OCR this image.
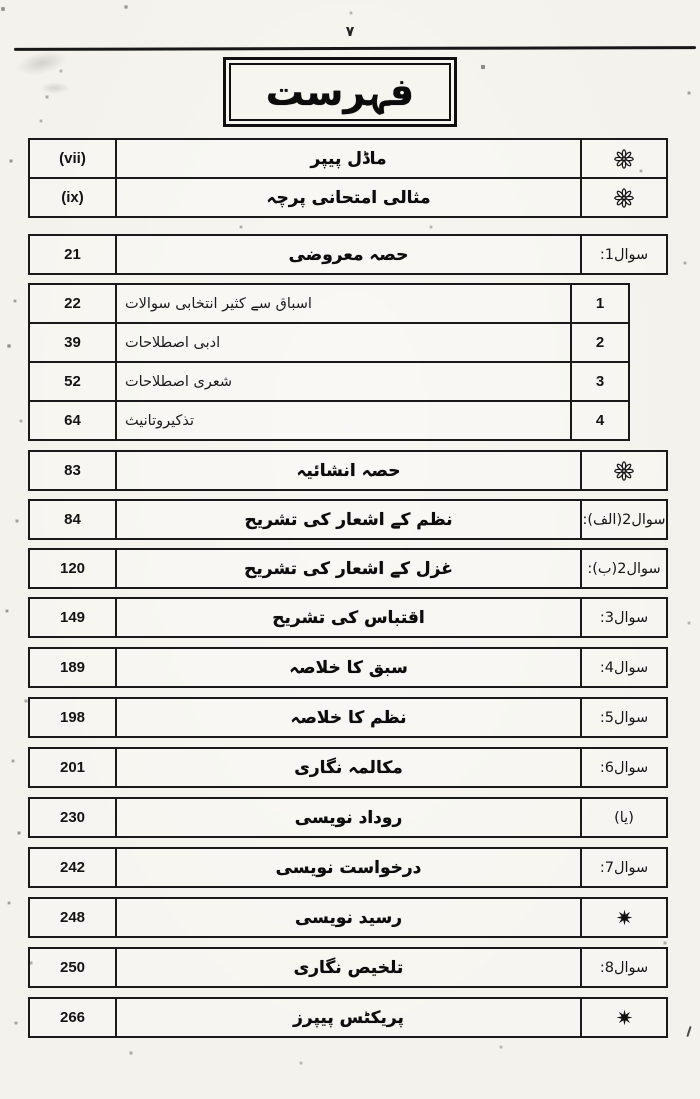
٧
فہرست
(vii)	ماڈل پیپر
(ix)	مثالی امتحانی پرچہ
21	حصہ معروضی	سوال1:
22	اسباق سے کثیر انتخابی سوالات	1
39	ادبی اصطلاحات	2
52	شعری اصطلاحات	3
64	تذکیروتانیث	4
83	حصہ انشائیہ
84	نظم کے اشعار کی تشریح	سوال2(الف):
120	غزل کے اشعار کی تشریح	سوال2(ب):
149	اقتباس کی تشریح	سوال3:
189	سبق کا خلاصہ	سوال4:
198	نظم کا خلاصہ	سوال5:
201	مکالمہ نگاری	سوال6:
230	روداد نویسی	(یا)
242	درخواست نویسی	سوال7:
248	رسید نویسی
250	تلخیص نگاری	سوال8:
266	پریکٹس پیپرز
